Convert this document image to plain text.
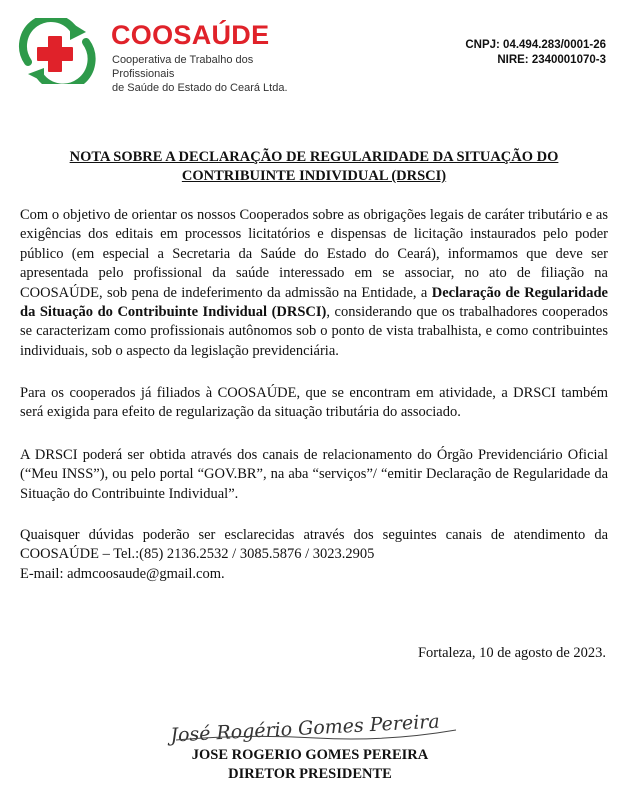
COOSAÚDE
Cooperativa de Trabalho dos Profissionais
de Saúde do Estado do Ceará Ltda.
CNPJ: 04.494.283/0001-26
NIRE: 2340001070-3
NOTA SOBRE A DECLARAÇÃO DE REGULARIDADE DA SITUAÇÃO DO
CONTRIBUINTE INDIVIDUAL (DRSCI)

Com o objetivo de orientar os nossos Cooperados sobre as obrigações legais de caráter tributário e as exigências dos editais em processos licitatórios e dispensas de licitação instaurados pelo poder público (em especial a Secretaria da Saúde do Estado do Ceará), informamos que deve ser apresentada pelo profissional da saúde interessado em se associar, no ato de filiação na COOSAÚDE, sob pena de indeferimento da admissão na Entidade, a Declaração de Regularidade da Situação do Contribuinte Individual (DRSCI), considerando que os trabalhadores cooperados se caracterizam como profissionais autônomos sob o ponto de vista trabalhista, e como contribuintes individuais, sob o aspecto da legislação previdenciária.

Para os cooperados já filiados à COOSAÚDE, que se encontram em atividade, a DRSCI também será exigida para efeito de regularização da situação tributária do associado.

A DRSCI poderá ser obtida através dos canais de relacionamento do Órgão Previdenciário Oficial (“Meu INSS”), ou pelo portal “GOV.BR”, na aba “serviços”/ “emitir Declaração de Regularidade da Situação do Contribuinte Individual”.

Quaisquer dúvidas poderão ser esclarecidas através dos seguintes canais de atendimento da COOSAÚDE – Tel.:(85) 2136.2532 / 3085.5876 / 3023.2905
E-mail: admcoosaude@gmail.com.

Fortaleza, 10 de agosto de 2023.
José Rogério Gomes Pereira
JOSE ROGERIO GOMES PEREIRA
DIRETOR PRESIDENTE
